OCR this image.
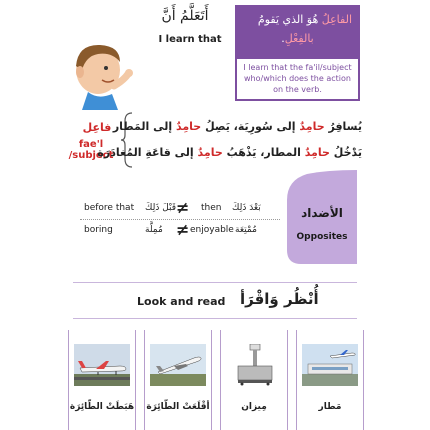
أَتَعَلَّمُ أَنَّ
I learn that
الفاعِلُ هُوَ الذي يَقومُ
بالفِعْلِ.
I learn that the fa'il/subject who/which does the action on the verb.
فاعِل
fae'l /subject
يُسافِرُ حامِدٌ إلى سُورِيَة، يَصِلُ حامِدٌ إلى المَطار
يَدْخُلُ حامِدٌ المطار، يَذْهَبُ حامِدٌ إلى قاعَةِ المُغادَرَة
الأضداد
Opposites
before that قَبْلَ ذَلِكَ ≠ then بَعْدَ ذَلِكَ
boring	مُمِلَّة ≠ enjoyable مُمْتِعَة
Look and read أُنْظُر وَاقْرَأ
هَبَطَتْ الطّائِرَة أقْلَعَتْ الطّائِرَة	مِيزان	مَطار
